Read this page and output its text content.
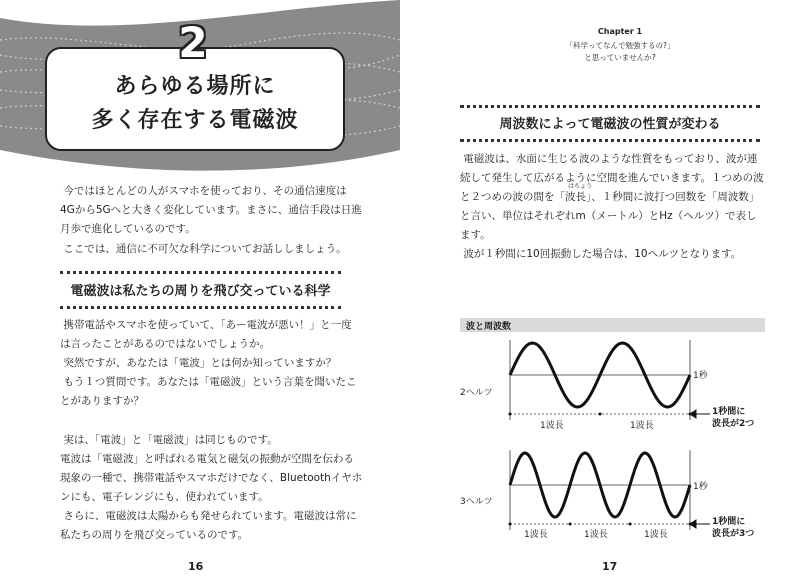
あらゆる場所に
多く存在する電磁波
2
今ではほとんどの人がスマホを使っており、その通信速度は
4Gから5Gへと大きく変化しています。まさに、通信手段は日進
月歩で進化しているのです。
ここでは、通信に不可欠な科学についてお話ししましょう。
電磁波は私たちの周りを飛び交っている科学
携帯電話やスマホを使っていて、「あー電波が悪い！」と一度
は言ったことがあるのではないでしょうか。
突然ですが、あなたは「電波」とは何か知っていますか？
もう１つ質問です。あなたは「電磁波」という言葉を聞いたこ
とがありますか？
実は、「電波」と「電磁波」は同じものです。
電波は「電磁波」と呼ばれる電気と磁気の振動が空間を伝わる
現象の一種で、携帯電話やスマホだけでなく、Bluetoothイヤホ
ンにも、電子レンジにも、使われています。
さらに、電磁波は太陽からも発せられています。電磁波は常に
私たちの周りを飛び交っているのです。
16
Chapter 1
「科学ってなんで勉強するの?」
と思っていませんか?
周波数によって電磁波の性質が変わる
電磁波は、水面に生じる波のような性質をもっており、波が連
続して発生して広がるように空間を進んでいきます。１つめの波
と２つめの波の間を「波長」、１秒間に波打つ回数を「周波数」
はちょう
と言い、単位はそれぞれm（メートル）とHz（ヘルツ）で表し
ます。
波が１秒間に10回振動した場合は、10ヘルツとなります。
波と周波数
2ヘルツ
1秒
1波長	1波長
1秒間に
波長が2つ
3ヘルツ
1秒
1波長	1波長	1波長
1秒間に
波長が3つ
17
